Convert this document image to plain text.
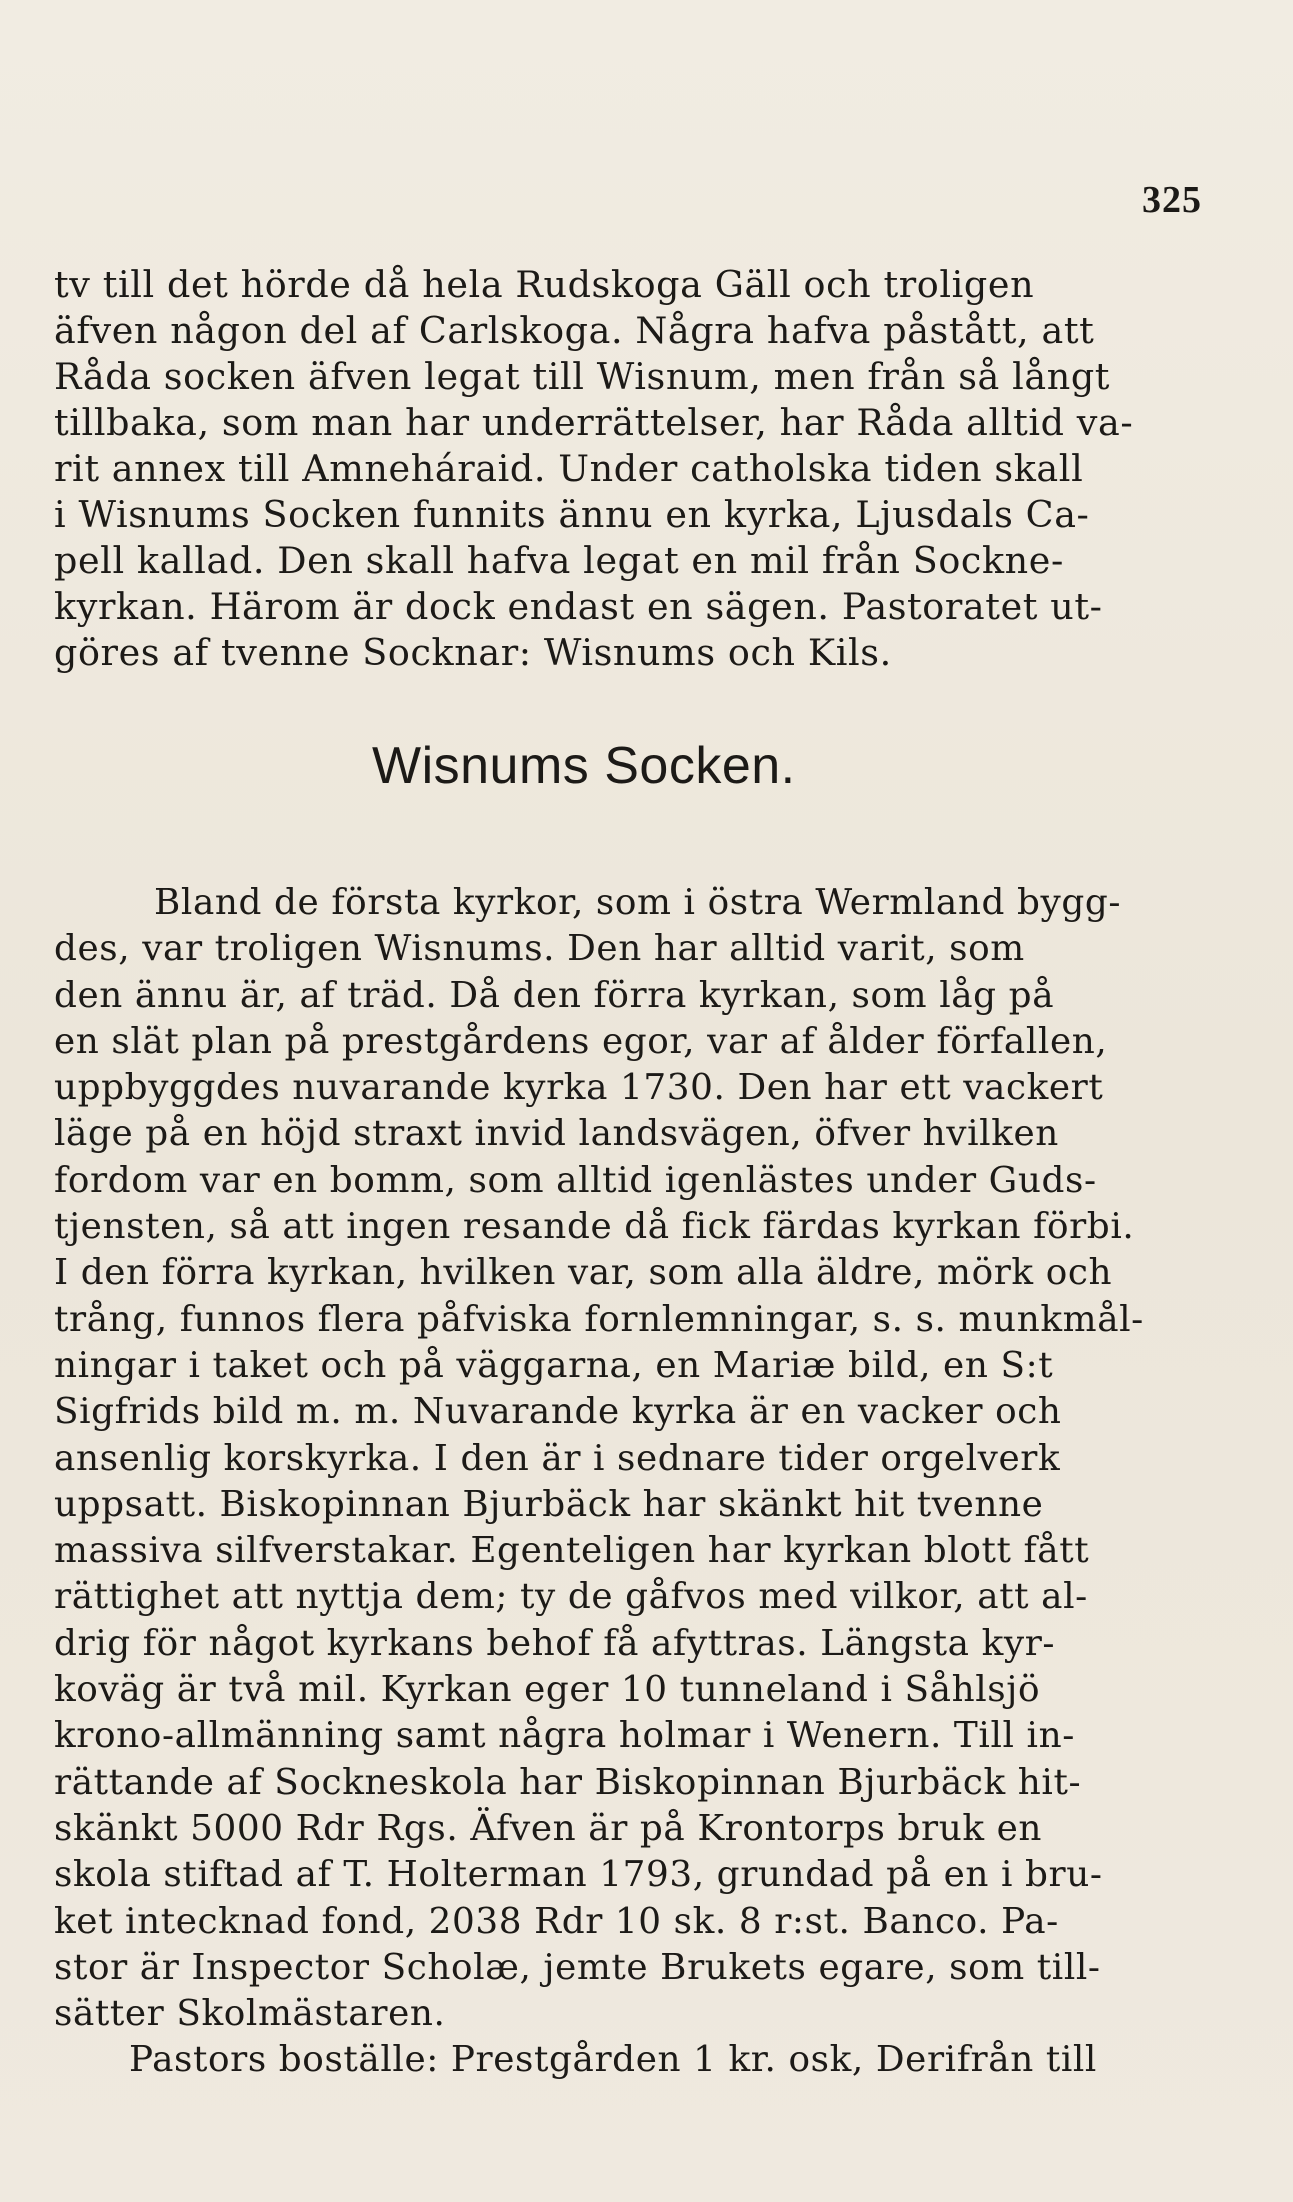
325
tv till det hörde då hela Rudskoga Gäll och troligen
äfven någon del af Carlskoga. Några hafva påstått, att
Råda socken äfven legat till Wisnum, men från så långt
tillbaka, som man har underrättelser, har Råda alltid va-
rit annex till Amneháraid. Under catholska tiden skall
i Wisnums Socken funnits ännu en kyrka, Ljusdals Ca-
pell kallad. Den skall hafva legat en mil från Sockne-
kyrkan. Härom är dock endast en sägen. Pastoratet ut-
göres af tvenne Socknar: Wisnums och Kils.
Wisnums Socken.
Bland de första kyrkor, som i östra Wermland bygg-
des, var troligen Wisnums. Den har alltid varit, som
den ännu är, af träd. Då den förra kyrkan, som låg på
en slät plan på prestgårdens egor, var af ålder förfallen,
uppbyggdes nuvarande kyrka 1730. Den har ett vackert
läge på en höjd straxt invid landsvägen, öfver hvilken
fordom var en bomm, som alltid igenlästes under Guds-
tjensten, så att ingen resande då fick färdas kyrkan förbi.
I den förra kyrkan, hvilken var, som alla äldre, mörk och
trång, funnos flera påfviska fornlemningar, s. s. munkmål-
ningar i taket och på väggarna, en Mariæ bild, en S:t
Sigfrids bild m. m. Nuvarande kyrka är en vacker och
ansenlig korskyrka. I den är i sednare tider orgelverk
uppsatt. Biskopinnan Bjurbäck har skänkt hit tvenne
massiva silfverstakar. Egenteligen har kyrkan blott fått
rättighet att nyttja dem; ty de gåfvos med vilkor, att al-
drig för något kyrkans behof få afyttras. Längsta kyr-
koväg är två mil. Kyrkan eger 10 tunneland i Såhlsjö
krono-allmänning samt några holmar i Wenern. Till in-
rättande af Sockneskola har Biskopinnan Bjurbäck hit-
skänkt 5000 Rdr Rgs. Äfven är på Krontorps bruk en
skola stiftad af T. Holterman 1793, grundad på en i bru-
ket intecknad fond, 2038 Rdr 10 sk. 8 r:st. Banco. Pa-
stor är Inspector Scholæ, jemte Brukets egare, som till-
sätter Skolmästaren.
Pastors boställe: Prestgården 1 kr. osk, Derifrån till
